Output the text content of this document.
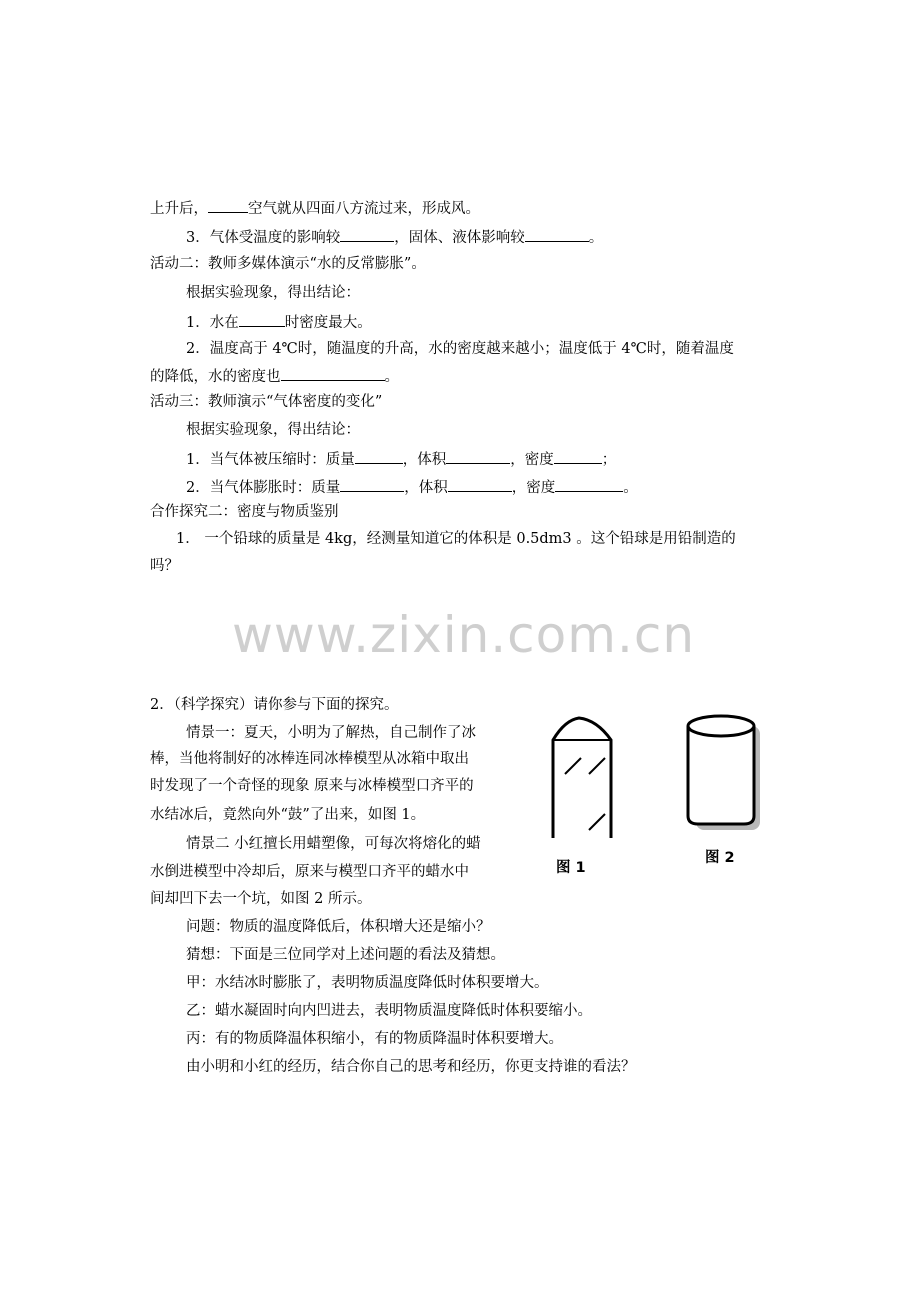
上升后，	空气就从四面八方流过来，形成风。
3．气体受温度的影响较	，固体、液体影响较	。
活动二：教师多媒体演示“水的反常膨胀”。
根据实验现象，得出结论：
1．水在	时密度最大。
2．温度高于 4℃时，随温度的升高，水的密度越来越小；温度低于 4℃时，随着温度
的降低，水的密度也	。
活动三：教师演示“气体密度的变化”
根据实验现象，得出结论：
1．当气体被压缩时：质量	，体积	，密度	；
2．当气体膨胀时：质量	，体积	，密度	。
合作探究二：密度与物质鉴别
1． 一个铅球的质量是 4kg，经测量知道它的体积是 0.5dm3 。这个铅球是用铅制造的
吗？
www.zixin.com.cn
2．（科学探究）请你参与下面的探究。
情景一：夏天，小明为了解热，自己制作了冰
棒，当他将制好的冰棒连同冰棒模型从冰箱中取出
时发现了一个奇怪的现象 原来与冰棒模型口齐平的
水结冰后，竟然向外“鼓”了出来，如图 1。
情景二 小红擅长用蜡塑像，可每次将熔化的蜡
水倒进模型中冷却后，原来与模型口齐平的蜡水中
间却凹下去一个坑，如图 2 所示。
问题：物质的温度降低后，体积增大还是缩小？
猜想：下面是三位同学对上述问题的看法及猜想。
甲：水结冰时膨胀了，表明物质温度降低时体积要增大。
乙：蜡水凝固时向内凹进去，表明物质温度降低时体积要缩小。
丙：有的物质降温体积缩小，有的物质降温时体积要增大。
由小明和小红的经历，结合你自己的思考和经历，你更支持谁的看法？
图 1
图 2
